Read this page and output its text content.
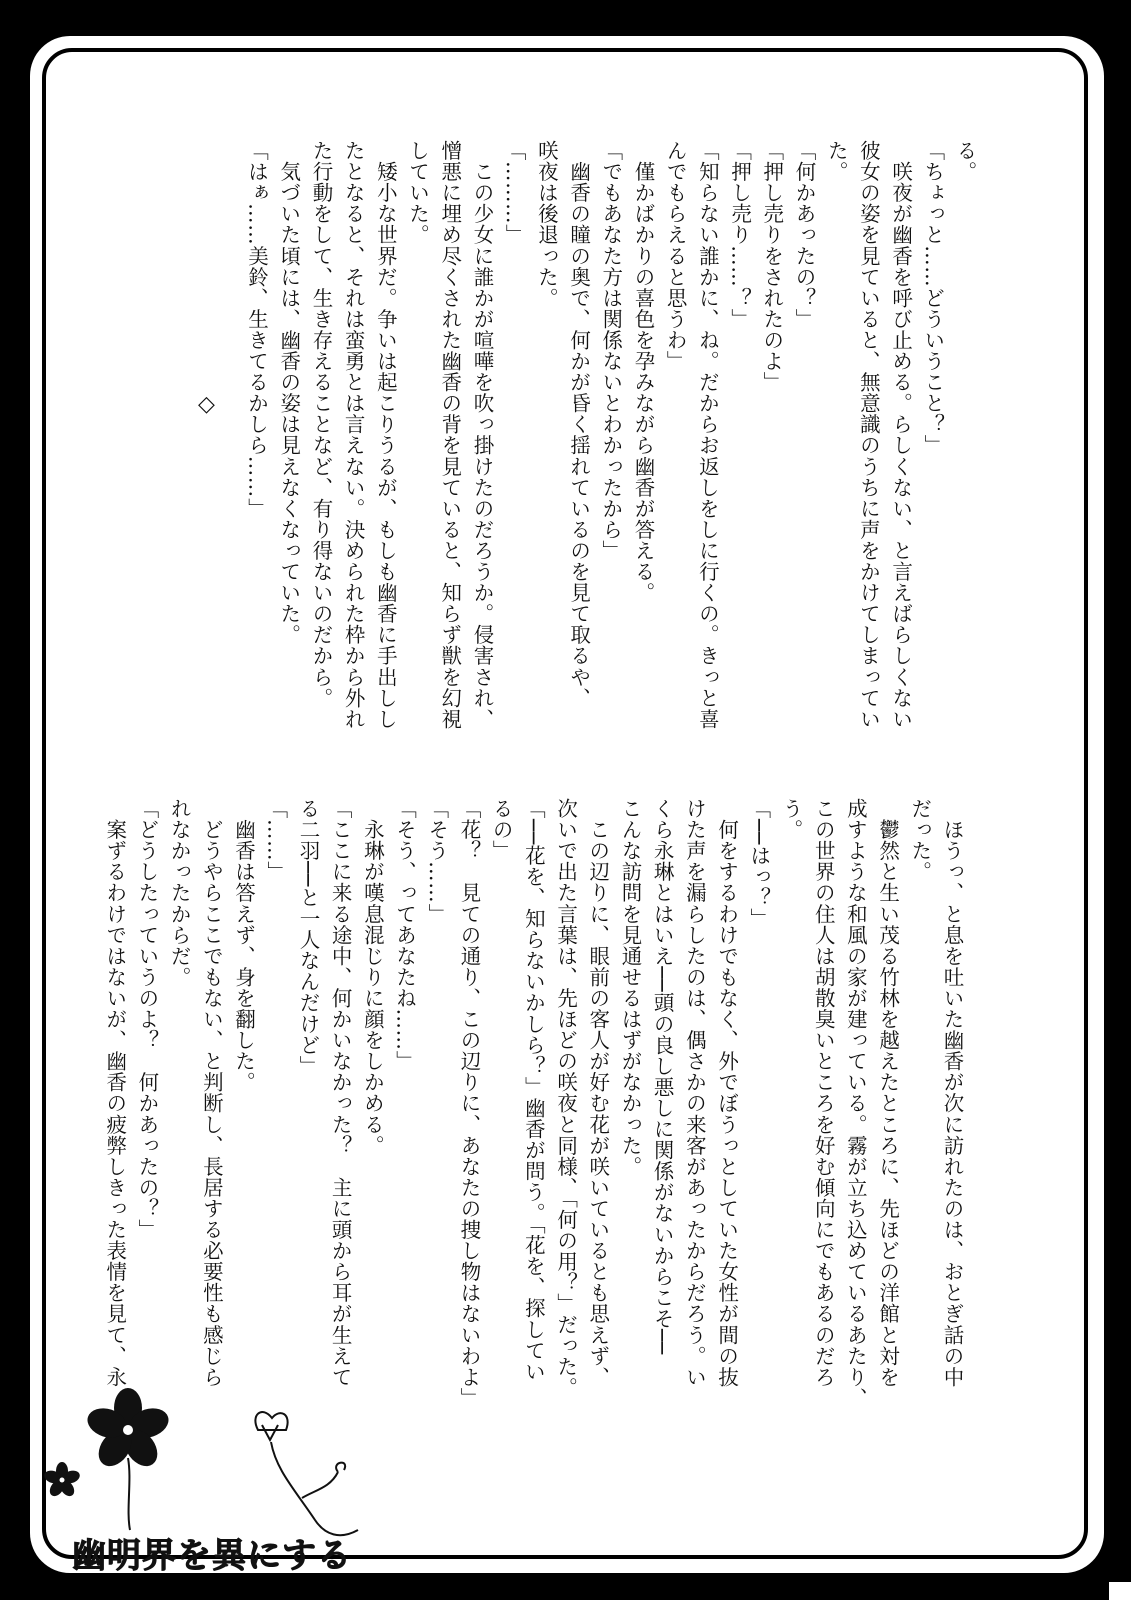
る。
「ちょっと……どういうこと？」
　咲夜が幽香を呼び止める。らしくない、と言えばらしくない
彼女の姿を見ていると、無意識のうちに声をかけてしまってい
た。
「何かあったの？」
「押し売りをされたのよ」
「押し売り……？」
「知らない誰かに、ね。だからお返しをしに行くの。きっと喜
んでもらえると思うわ」
　僅かばかりの喜色を孕みながら幽香が答える。
「でもあなた方は関係ないとわかったから」
　幽香の瞳の奥で、何かが昏く揺れているのを見て取るや、
咲夜は後退った。
「………」
　この少女に誰かが喧嘩を吹っ掛けたのだろうか。侵害され、
憎悪に埋め尽くされた幽香の背を見ていると、知らず獣を幻視
していた。
　矮小な世界だ。争いは起こりうるが、もしも幽香に手出しし
たとなると、それは蛮勇とは言えない。決められた枠から外れ
た行動をして、生き存えることなど、有り得ないのだから。
　気づいた頃には、幽香の姿は見えなくなっていた。
「はぁ……美鈴、生きてるかしら……」
◇
　ほうっ、と息を吐いた幽香が次に訪れたのは、おとぎ話の中
だった。
　鬱然と生い茂る竹林を越えたところに、先ほどの洋館と対を
成すような和風の家が建っている。霧が立ち込めているあたり、
この世界の住人は胡散臭いところを好む傾向にでもあるのだろ
う。
「──はっ？」
　何をするわけでもなく、外でぼうっとしていた女性が間の抜
けた声を漏らしたのは、偶さかの来客があったからだろう。い
くら永琳とはいえ──頭の良し悪しに関係がないからこそ──
こんな訪問を見通せるはずがなかった。
　この辺りに、眼前の客人が好む花が咲いているとも思えず、
次いで出た言葉は、先ほどの咲夜と同様、「何の用？」だった。
「──花を、知らないかしら？」幽香が問う。「花を、探してい
るの」
「花？　見ての通り、この辺りに、あなたの捜し物はないわよ」
「そう……」
「そう、ってあなたね……」
　永琳が嘆息混じりに顔をしかめる。
「ここに来る途中、何かいなかった？　主に頭から耳が生えて
る二羽──と一人なんだけど」
「……」
　幽香は答えず、身を翻した。
　どうやらここでもない、と判断し、長居する必要性も感じら
れなかったからだ。
「どうしたっていうのよ？　何かあったの？」
　案ずるわけではないが、幽香の疲弊しきった表情を見て、永
幽明界を異にする
